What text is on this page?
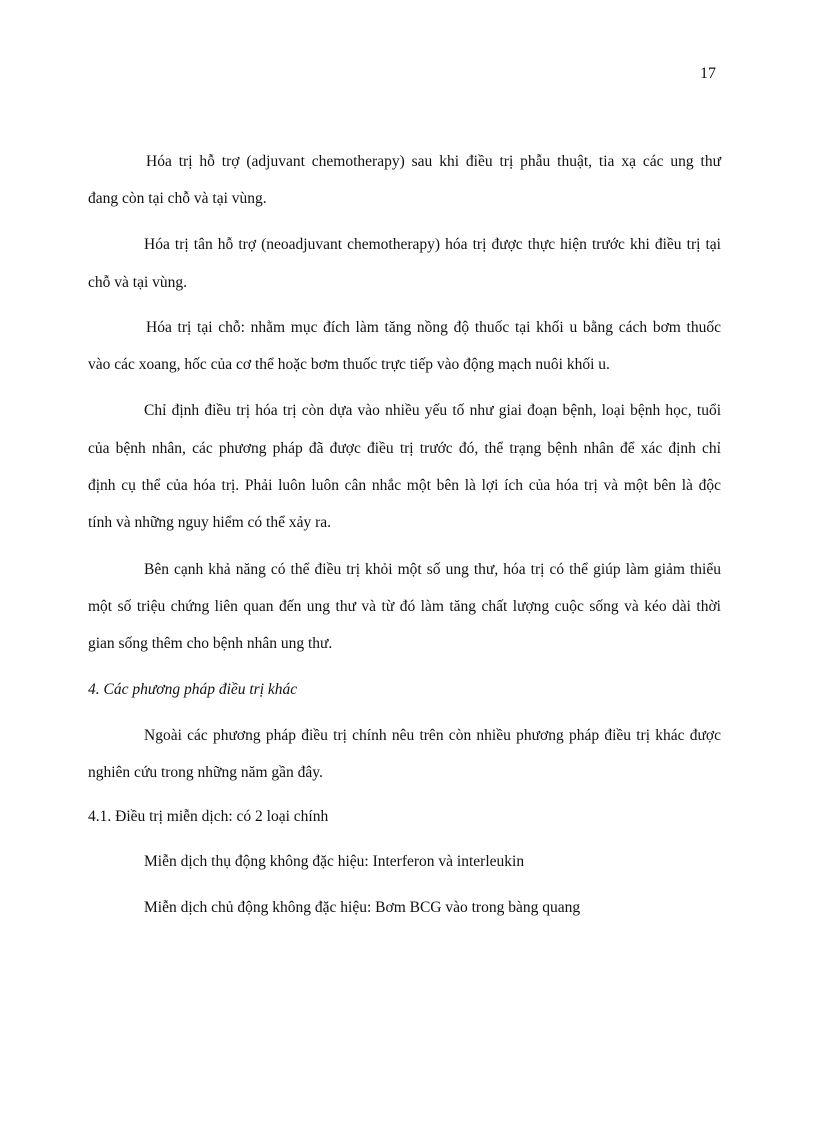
17
Hóa trị hỗ trợ (adjuvant chemotherapy) sau khi điều trị phẫu thuật, tia xạ các ung thư
đang còn tại chỗ và tại vùng.
Hóa trị tân hỗ trợ (neoadjuvant chemotherapy) hóa trị được thực hiện trước khi điều trị tại
chỗ và tại vùng.
Hóa trị tại chỗ: nhằm mục đích làm tăng nồng độ thuốc tại khối u bằng cách bơm thuốc
vào các xoang, hốc của cơ thể hoặc bơm thuốc trực tiếp vào động mạch nuôi khối u.
Chỉ định điều trị hóa trị còn dựa vào nhiều yếu tố như giai đoạn bệnh, loại bệnh học, tuổi
của bệnh nhân, các phương pháp đã được điều trị trước đó, thể trạng bệnh nhân để xác định chỉ
định cụ thể của hóa trị. Phải luôn luôn cân nhắc một bên là lợi ích của hóa trị và một bên là độc
tính và những nguy hiểm có thể xảy ra.
Bên cạnh khả năng có thể điều trị khỏi một số ung thư, hóa trị có thể giúp làm giảm thiểu
một số triệu chứng liên quan đến ung thư và từ đó làm tăng chất lượng cuộc sống và kéo dài thời
gian sống thêm cho bệnh nhân ung thư.
4. Các phương pháp điều trị khác
Ngoài các phương pháp điều trị chính nêu trên còn nhiều phương pháp điều trị khác được
nghiên cứu trong những năm gần đây.
4.1. Điều trị miễn dịch: có 2 loại chính
Miễn dịch thụ động không đặc hiệu: Interferon và interleukin
Miễn dịch chủ động không đặc hiệu: Bơm BCG vào trong bàng quang
